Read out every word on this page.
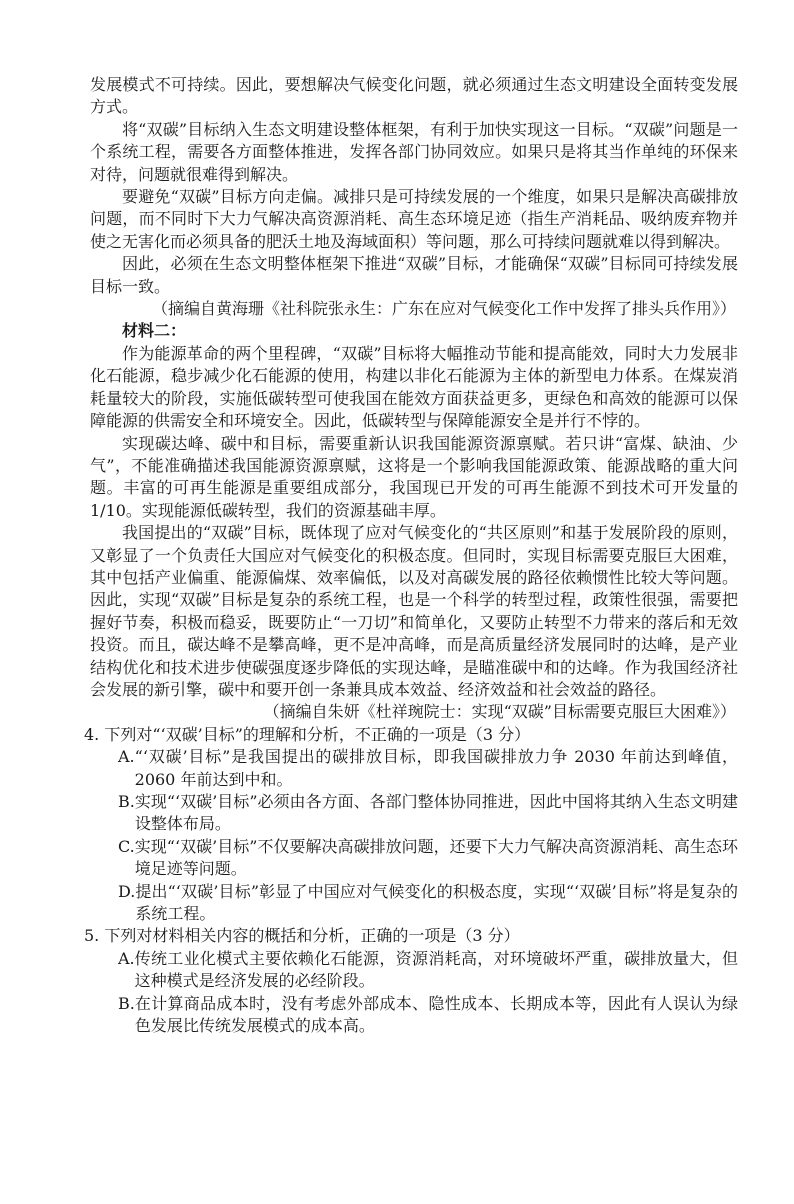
发展模式不可持续。因此，要想解决气候变化问题，就必须通过生态文明建设全面转变发展方式。

将“双碳”目标纳入生态文明建设整体框架，有利于加快实现这一目标。“双碳”问题是一个系统工程，需要各方面整体推进，发挥各部门协同效应。如果只是将其当作单纯的环保来对待，问题就很难得到解决。

要避免“双碳”目标方向走偏。减排只是可持续发展的一个维度，如果只是解决高碳排放问题，而不同时下大力气解决高资源消耗、高生态环境足迹（指生产消耗品、吸纳废弃物并使之无害化而必须具备的肥沃土地及海域面积）等问题，那么可持续问题就难以得到解决。

因此，必须在生态文明整体框架下推进“双碳”目标，才能确保“双碳”目标同可持续发展目标一致。

（摘编自黄海珊《社科院张永生：广东在应对气候变化工作中发挥了排头兵作用》）

材料二：

作为能源革命的两个里程碑，“双碳”目标将大幅推动节能和提高能效，同时大力发展非化石能源，稳步减少化石能源的使用，构建以非化石能源为主体的新型电力体系。在煤炭消耗量较大的阶段，实施低碳转型可使我国在能效方面获益更多，更绿色和高效的能源可以保障能源的供需安全和环境安全。因此，低碳转型与保障能源安全是并行不悖的。

实现碳达峰、碳中和目标，需要重新认识我国能源资源禀赋。若只讲“富煤、缺油、少气”，不能准确描述我国能源资源禀赋，这将是一个影响我国能源政策、能源战略的重大问题。丰富的可再生能源是重要组成部分，我国现已开发的可再生能源不到技术可开发量的 1/10。实现能源低碳转型，我们的资源基础丰厚。

我国提出的“双碳”目标，既体现了应对气候变化的“共区原则”和基于发展阶段的原则，又彰显了一个负责任大国应对气候变化的积极态度。但同时，实现目标需要克服巨大困难，其中包括产业偏重、能源偏煤、效率偏低，以及对高碳发展的路径依赖惯性比较大等问题。因此，实现“双碳”目标是复杂的系统工程，也是一个科学的转型过程，政策性很强，需要把握好节奏，积极而稳妥，既要防止“一刀切”和简单化，又要防止转型不力带来的落后和无效投资。而且，碳达峰不是攀高峰，更不是冲高峰，而是高质量经济发展同时的达峰，是产业结构优化和技术进步使碳强度逐步降低的实现达峰，是瞄准碳中和的达峰。作为我国经济社会发展的新引擎，碳中和要开创一条兼具成本效益、经济效益和社会效益的路径。

（摘编自朱妍《杜祥琬院士：实现“双碳”目标需要克服巨大困难》）

4. 下列对“‘双碳’目标”的理解和分析，不正确的一项是（3 分）

A. “‘双碳’目标”是我国提出的碳排放目标，即我国碳排放力争 2030 年前达到峰值，2060 年前达到中和。
B. 实现“‘双碳’目标”必须由各方面、各部门整体协同推进，因此中国将其纳入生态文明建设整体布局。
C. 实现“‘双碳’目标”不仅要解决高碳排放问题，还要下大力气解决高资源消耗、高生态环境足迹等问题。
D. 提出“‘双碳’目标”彰显了中国应对气候变化的积极态度，实现“‘双碳’目标”将是复杂的系统工程。

5. 下列对材料相关内容的概括和分析，正确的一项是（3 分）

A. 传统工业化模式主要依赖化石能源，资源消耗高，对环境破坏严重，碳排放量大，但这种模式是经济发展的必经阶段。
B. 在计算商品成本时，没有考虑外部成本、隐性成本、长期成本等，因此有人误认为绿色发展比传统发展模式的成本高。
